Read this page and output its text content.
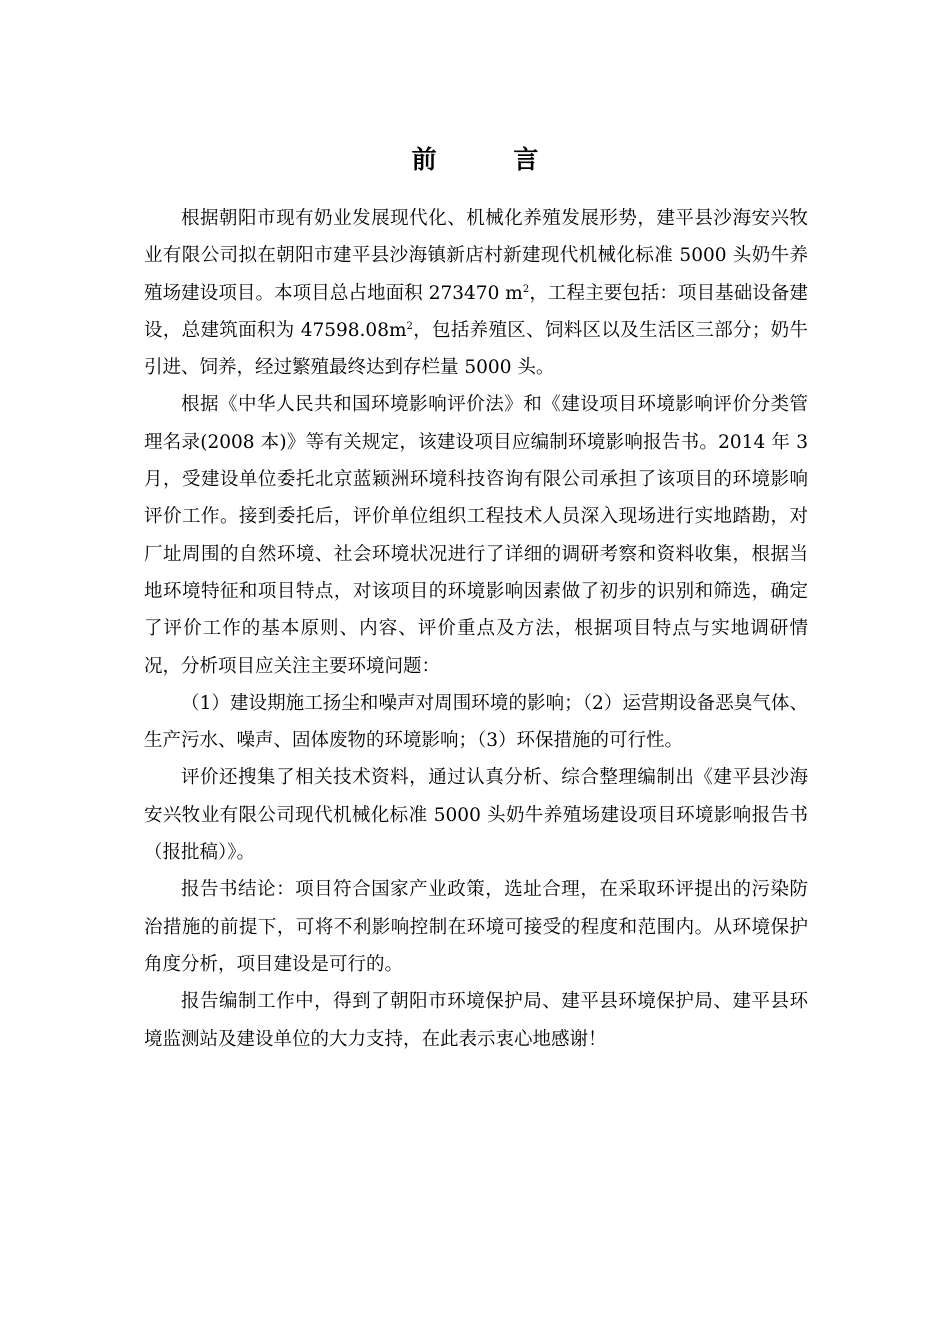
前 言

根据朝阳市现有奶业发展现代化、机械化养殖发展形势，建平县沙海安兴牧业有限公司拟在朝阳市建平县沙海镇新店村新建现代机械化标准 5000 头奶牛养殖场建设项目。本项目总占地面积 273470 $m^2$，工程主要包括：项目基础设备建设，总建筑面积为 $47598.08m^2$，包括养殖区、饲料区以及生活区三部分；奶牛引进、饲养，经过繁殖最终达到存栏量 5000 头。

根据《中华人民共和国环境影响评价法》和《建设项目环境影响评价分类管理名录(2008 本)》等有关规定，该建设项目应编制环境影响报告书。2014 年 3 月，受建设单位委托北京蓝颖洲环境科技咨询有限公司承担了该项目的环境影响评价工作。接到委托后，评价单位组织工程技术人员深入现场进行实地踏勘，对厂址周围的自然环境、社会环境状况进行了详细的调研考察和资料收集，根据当地环境特征和项目特点，对该项目的环境影响因素做了初步的识别和筛选，确定了评价工作的基本原则、内容、评价重点及方法，根据项目特点与实地调研情况，分析项目应关注主要环境问题：

（1）建设期施工扬尘和噪声对周围环境的影响；（2）运营期设备恶臭气体、生产污水、噪声、固体废物的环境影响；（3）环保措施的可行性。

评价还搜集了相关技术资料，通过认真分析、综合整理编制出《建平县沙海安兴牧业有限公司现代机械化标准 5000 头奶牛养殖场建设项目环境影响报告书（报批稿）》。

报告书结论：项目符合国家产业政策，选址合理，在采取环评提出的污染防治措施的前提下，可将不利影响控制在环境可接受的程度和范围内。从环境保护角度分析，项目建设是可行的。

报告编制工作中，得到了朝阳市环境保护局、建平县环境保护局、建平县环境监测站及建设单位的大力支持，在此表示衷心地感谢！
